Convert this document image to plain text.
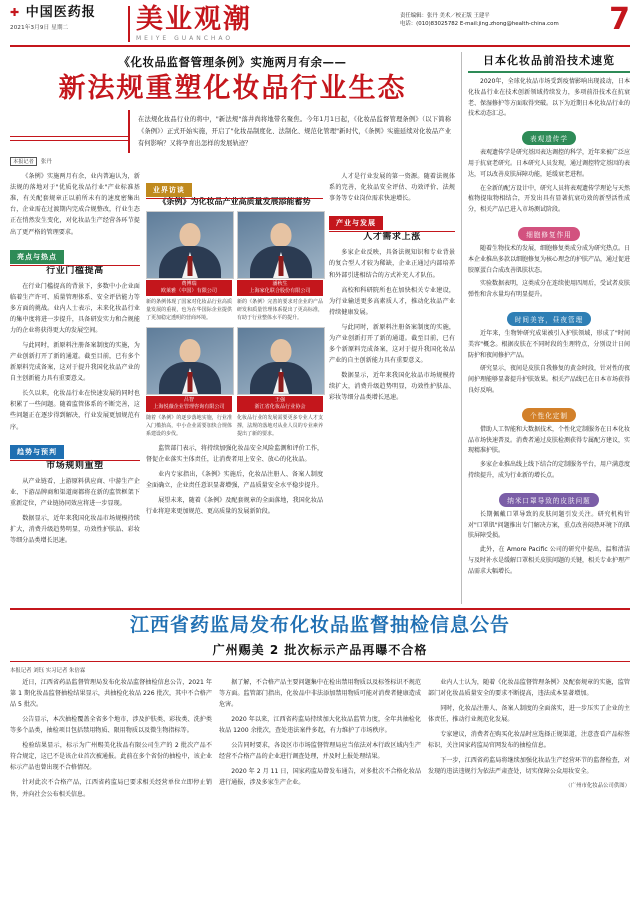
✚ 中国医药报
2021年3月9日 星期二	美业观潮
MEIYE GUANCHAO
责任编辑：张丹 美术／校正版 王建平
电话：(010)83025782 E-mail:jing.zhong@health-china.com	7
《化妆品监督管理条例》实施两月有余——
新法规重塑化妆品行业生态
在法规化妆品行业的将中，"新法规"落井尚将地带名聚焦。今年1月1日起，《化妆品监督管理条例》（以下简称《条例》）正式开始实施，开启了"化妆品制度化、法制化、规范化管理"新时代，《条例》实施延续对化妆品产业有何影响？又将孕育出怎样的发展轨迹？
本报记者 张丹

《条例》实施两月有余，业内普遍认为，新法规的落地对于"优质化妆品行业"产业标准基准，有关配套规章正以前所未有的速度密集出台，企业需在过渡期内完成合规整改，行业生态正在悄然发生变化，对化妆品生产经营各环节提出了更严格的管理要求。

亮点与热点
行业门槛提高

在行业门槛提高的背景下，多数中小企业面临着生产许可、质量管理体系、安全评估能力等多方面的挑战。业内人士表示，未来化妆品行业的集中度将进一步提升，具备研发实力和合规能力的企业将获得更大的发展空间。

与此同时，新原料注册备案制度的实施，为产业创新打开了新的通道。截至目前，已有多个新原料完成备案，这对于提升我国化妆品产业的自主创新能力具有重要意义。

长久以来，化妆品行业在快速发展的同时也积累了一些问题。随着监管体系的不断完善，这些问题正在逐步得到解决，行业发展更加规范有序。

趋势与预判
市场规则重塑

从产业链看，上游原料供应商、中游生产企业、下游品牌商和渠道商都将在新的监管框架下重新定位，产业链协同效应将进一步显现。

数据显示，近年来我国化妆品市场规模持续扩大，消费升级趋势明显，功效性护肤品、彩妆等细分品类增长迅速。

业界访谈
《条例》为化妆品产业高质量发展添能蓄势
费博瑞
欧莱雅（中国）有限公司
新的条例体现了国家对化妆品行业高质量发展的重视，也为在华国际企业提供了更加稳定透明的营商环境。
潘秋生
上海家化联合股份有限公司
新的《条例》完善的要求对企业的产品研发和质量管理体系提出了更高标准，有助于行业整体水平的提升。
吕智
上海悦薇企业管理咨询有限公司
随着《条例》的逐步落地实施，行业准入门槛抬高，中小企业需要加快合规体系建设的步伐。
王强
浙江省化妆品行业协会
化妆品行业的发展需要更多专业人才支撑，法规的落地对从业人员的专业素养提出了新的要求。

监管部门表示，将持续加强化妆品安全风险监测和评价工作，督促企业落实主体责任，让消费者用上安全、放心的化妆品。

业内专家指出，《条例》实施后，化妆品注册人、备案人制度全面确立，企业责任意识显著增强，产品质量安全水平稳步提升。

展望未来，随着《条例》及配套规章的全面落地，我国化妆品行业将迎来更加规范、更高质量的发展新阶段。

人才是行业发展的第一资源。随着法规体系的完善，化妆品安全评估、功效评价、法规事务等专业岗位需求快速增长。

产业与发展
人才需求上涨

多家企业反映，具备法规知识和专业背景的复合型人才较为稀缺，企业正通过内部培养和外部引进相结合的方式补充人才队伍。

高校和科研院所也在加快相关专业建设，为行业输送更多高素质人才，推动化妆品产业持续健康发展。

与此同时，新原料注册备案制度的实施，为产业创新打开了新的通道。截至目前，已有多个新原料完成备案，这对于提升我国化妆品产业的自主创新能力具有重要意义。

数据显示，近年来我国化妆品市场规模持续扩大，消费升级趋势明显，功效性护肤品、彩妆等细分品类增长迅速。

日本化妆品前沿技术速览

2020年，全球化妆品市场受到疫情影响出现波动，日本化妆品行业在技术创新领域持续发力，多项前沿技术在抗衰老、保湿修护等方面取得突破。以下为近期日本化妆品行业的技术动态汇总。

表观遗传学

表观遗传学是研究基因表达调控的科学，近年来被广泛应用于抗衰老研究。日本研究人员发现，通过调控特定基因的表达，可以改善皮肤屏障功能，延缓衰老进程。

在全新的配方设计中，研究人员将表观遗传学理论与天然植物提取物相结合，开发出具有显著抗衰功效的新型活性成分，相关产品已进入市场测试阶段。

细胞修复作用

随着生物技术的发展，细胞修复类成分成为研究热点。日本企业推出多款以细胞修复为核心理念的护肤产品，通过促进胶原蛋白合成改善肌肤状态。

实验数据表明，这类成分在连续使用四周后，受试者皮肤弹性和含水量均有明显提升。

时间美容，昼夜管理

近年来，生物钟研究成果被引入护肤领域，形成了"时间美容"概念。根据皮肤在不同时段的生理特点，分别设计日间防护和夜间修护产品。

研究显示，夜间是皮肤自我修复的黄金时段，针对性的夜间护理能够显著提升护肤效果。相关产品线已在日本市场获得良好反响。

个性化定制

借助人工智能和大数据技术，个性化定制服务在日本化妆品市场快速普及。消费者通过皮肤检测获得专属配方建议，实现精准护肤。

多家企业推出线上线下结合的定制服务平台，用户满意度持续提升，成为行业新的增长点。

纳米口罩导致的皮肤问题

长期佩戴口罩导致的皮肤问题引发关注。研究机构针对"口罩肌"问题推出专门解决方案，重点改善闷热环境下的肌肤屏障受损。

此外，在 Amore Pacific 公司的研究中提出，温和清洁与及时补水是缓解口罩相关皮肤问题的关键，相关专业护理产品需求大幅增长。

江西省药监局发布化妆品监督抽检信息公告
广州赐美 2 批次标示产品再曝不合格
本报记者 刘钰 实习记者 朱倍霖

近日，江西省药品监督管理局发布化妆品监督抽检信息公告，2021 年第 1 期化妆品监督抽检结果显示，共抽检化妆品 226 批次，其中不合格产品 5 批次。

公告显示，本次抽检覆盖全省多个地市，涉及护肤类、彩妆类、洗护类等多个品类，抽检项目包括禁用物质、限用物质以及微生物指标等。

检验结果显示，标示为广州赐美化妆品有限公司生产的 2 批次产品不符合规定，这已不是该企业首次被通报。此前在多个省份的抽检中，该企业标示产品也曾出现不合格情况。

针对此次不合格产品，江西省药监局已要求相关经营单位立即停止销售，并向社会公布相关信息。

据了解，不合格产品主要问题集中在检出禁用物质以及标签标识不规范等方面。监管部门指出，化妆品中非法添加禁用物质可能对消费者健康造成危害。

2020 年以来，江西省药监局持续加大化妆品监管力度，全年共抽检化妆品 1200 余批次，查处违法案件多起，有力维护了市场秩序。

公告同时要求，各设区市市场监督管理局应当依法对本行政区域内生产经营不合格产品的企业进行调查处理，并及时上报处理结果。

2020 年 2 月 11 日，国家药监局曾发布通告，对多批次不合格化妆品进行通报，涉及多家生产企业。

业内人士认为，随着《化妆品监督管理条例》及配套规章的实施，监管部门对化妆品质量安全的要求不断提高，违法成本显著增加。

同时，化妆品注册人、备案人制度的全面落实，进一步压实了企业的主体责任，推动行业规范化发展。

专家建议，消费者在购买化妆品时应选择正规渠道，注意查看产品标签标识，关注国家药监局官网发布的抽检信息。

下一步，江西省药监局将继续加强化妆品生产经营环节的监督检查，对发现的违法违规行为依法严肃查处，切实保障公众用妆安全。

（广州市化妆品公司供图）
